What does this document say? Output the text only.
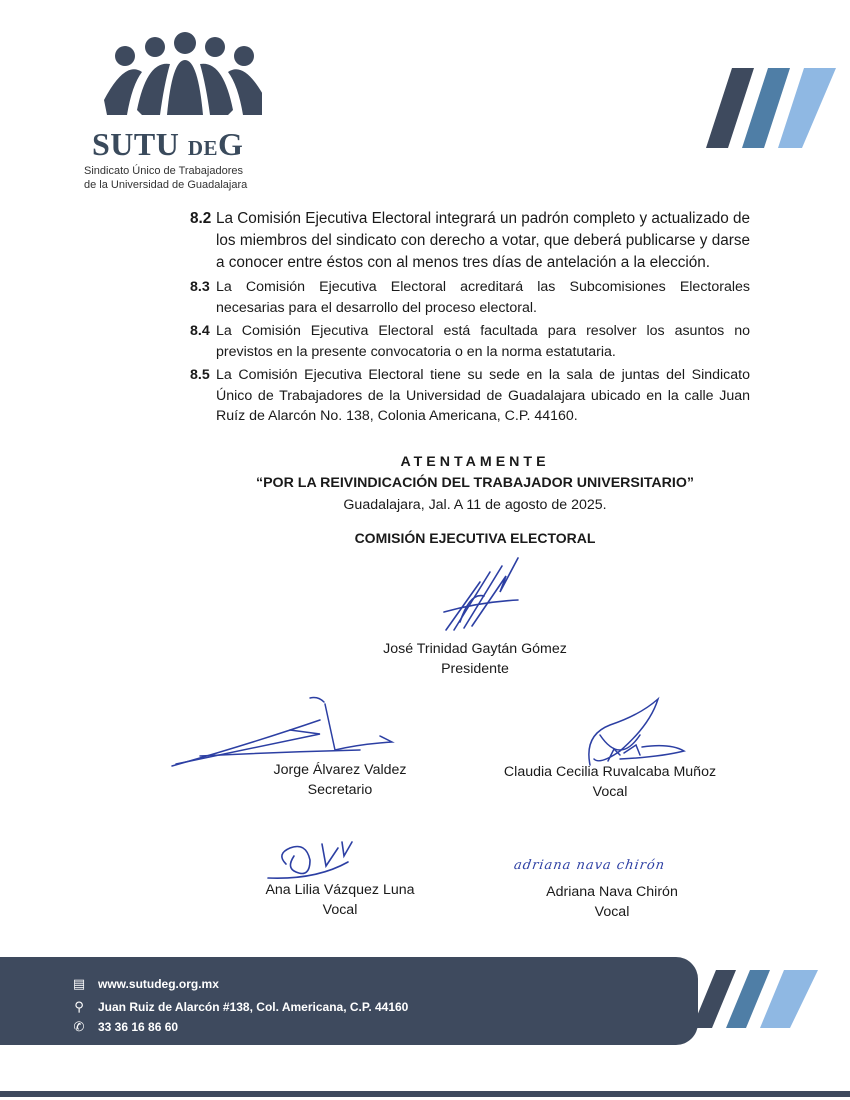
SUTU DEG
Sindicato Único de Trabajadores
de la Universidad de Guadalajara
8.2 La Comisión Ejecutiva Electoral integrará un padrón completo y actualizado de los miembros del sindicato con derecho a votar, que deberá publicarse y darse a conocer entre éstos con al menos tres días de antelación a la elección.
8.3 La Comisión Ejecutiva Electoral acreditará las Subcomisiones Electorales necesarias para el desarrollo del proceso electoral.
8.4 La Comisión Ejecutiva Electoral está facultada para resolver los asuntos no previstos en la presente convocatoria o en la norma estatutaria.
8.5 La Comisión Ejecutiva Electoral tiene su sede en la sala de juntas del Sindicato Único de Trabajadores de la Universidad de Guadalajara ubicado en la calle Juan Ruíz de Alarcón No. 138, Colonia Americana, C.P. 44160.
ATENTAMENTE
“POR LA REIVINDICACIÓN DEL TRABAJADOR UNIVERSITARIO”
Guadalajara, Jal. A 11 de agosto de 2025.
COMISIÓN EJECUTIVA ELECTORAL
José Trinidad Gaytán Gómez
Presidente
Jorge Álvarez Valdez
Secretario
Claudia Cecilia Ruvalcaba Muñoz
Vocal
Ana Lilia Vázquez Luna
Vocal
adriana nava chirón
Adriana Nava Chirón
Vocal
▤ www.sutudeg.org.mx
⚲ Juan Ruiz de Alarcón #138, Col. Americana, C.P. 44160
✆ 33 36 16 86 60
